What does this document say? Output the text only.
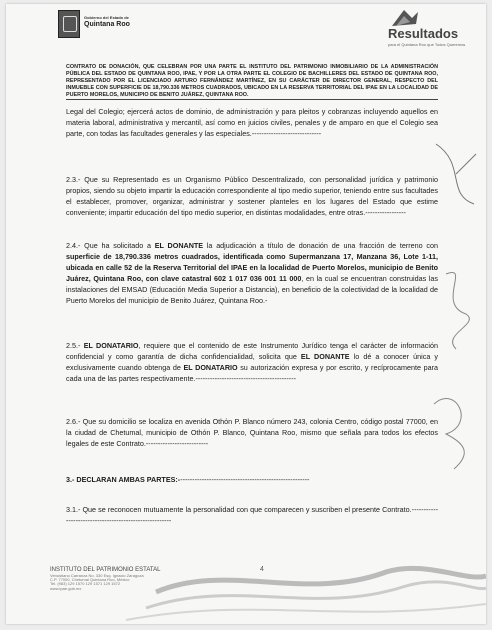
Gobierno del Estado de
Quintana Roo
Resultados
para el Quintana Roo que Todos Queremos
CONTRATO DE DONACIÓN, QUE CELEBRAN POR UNA PARTE EL INSTITUTO DEL PATRIMONIO INMOBILIARIO DE LA ADMINISTRACIÓN PÚBLICA DEL ESTADO DE QUINTANA ROO, IPAE, Y POR LA OTRA PARTE EL COLEGIO DE BACHILLERES DEL ESTADO DE QUINTANA ROO, REPRESENTADO POR EL LICENCIADO ARTURO FERNÁNDEZ MARTÍNEZ, EN SU CARÁCTER DE DIRECTOR GENERAL, RESPECTO DEL INMUEBLE CON SUPERFICIE DE 18,790.336 METROS CUADRADOS, UBICADO EN LA RESERVA TERRITORIAL DEL IPAE EN LA LOCALIDAD DE PUERTO MORELOS, MUNICIPIO DE BENITO JUÁREZ, QUINTANA ROO.

Legal del Colegio; ejercerá actos de dominio, de administración y para pleitos y cobranzas incluyendo aquellos en materia laboral, administrativa y mercantil, así como en juicios civiles, penales y de amparo en que el Colegio sea parte, con todas las facultades generales y las especiales.-----------------------------

2.3.- Que su Representado es un Organismo Público Descentralizado, con personalidad jurídica y patrimonio propios, siendo su objeto impartir la educación correspondiente al tipo medio superior, teniendo entre sus facultades el establecer, promover, organizar, administrar y sostener planteles en los lugares del Estado que estime conveniente; impartir educación del tipo medio superior, en distintas modalidades, entre otras.-----------------

2.4.- Que ha solicitado a EL DONANTE la adjudicación a título de donación de una fracción de terreno con superficie de 18,790.336 metros cuadrados, identificada como Supermanzana 17, Manzana 36, Lote 1-11, ubicada en calle 52 de la Reserva Territorial del IPAE en la localidad de Puerto Morelos, municipio de Benito Juárez, Quintana Roo, con clave catastral 602 1 017 036 001 11 000, en la cual se encuentran construidas las instalaciones del EMSAD (Educación Media Superior a Distancia), en beneficio de la colectividad de la localidad de Puerto Morelos del municipio de Benito Juárez, Quintana Roo.-

2.5.- EL DONATARIO, requiere que el contenido de este Instrumento Jurídico tenga el carácter de información confidencial y como garantía de dicha confidencialidad, solicita que EL DONANTE lo dé a conocer única y exclusivamente cuando obtenga de EL DONATARIO su autorización expresa y por escrito, y recíprocamente para cada una de las partes respectivamente.------------------------------------------

2.6.- Que su domicilio se localiza en avenida Othón P. Blanco número 243, colonia Centro, código postal 77000, en la ciudad de Chetumal, municipio de Othón P. Blanco, Quintana Roo, mismo que señala para todos los efectos legales de este Contrato.--------------------------

3.- DECLARAN AMBAS PARTES:-------------------------------------------------------

3.1.- Que se reconocen mutuamente la personalidad con que comparecen y suscriben el presente Contrato.-------------------------------------------------------

INSTITUTO DEL PATRIMONIO ESTATAL
Venustiano Carranza No. 330 Esq. Ignacio Zaragoza
C.P. 77000, Chetumal Quintana Roo, México
Tel. (983) 129 1570 129 1571 129 1572
www.ipae.gob.mx
4
